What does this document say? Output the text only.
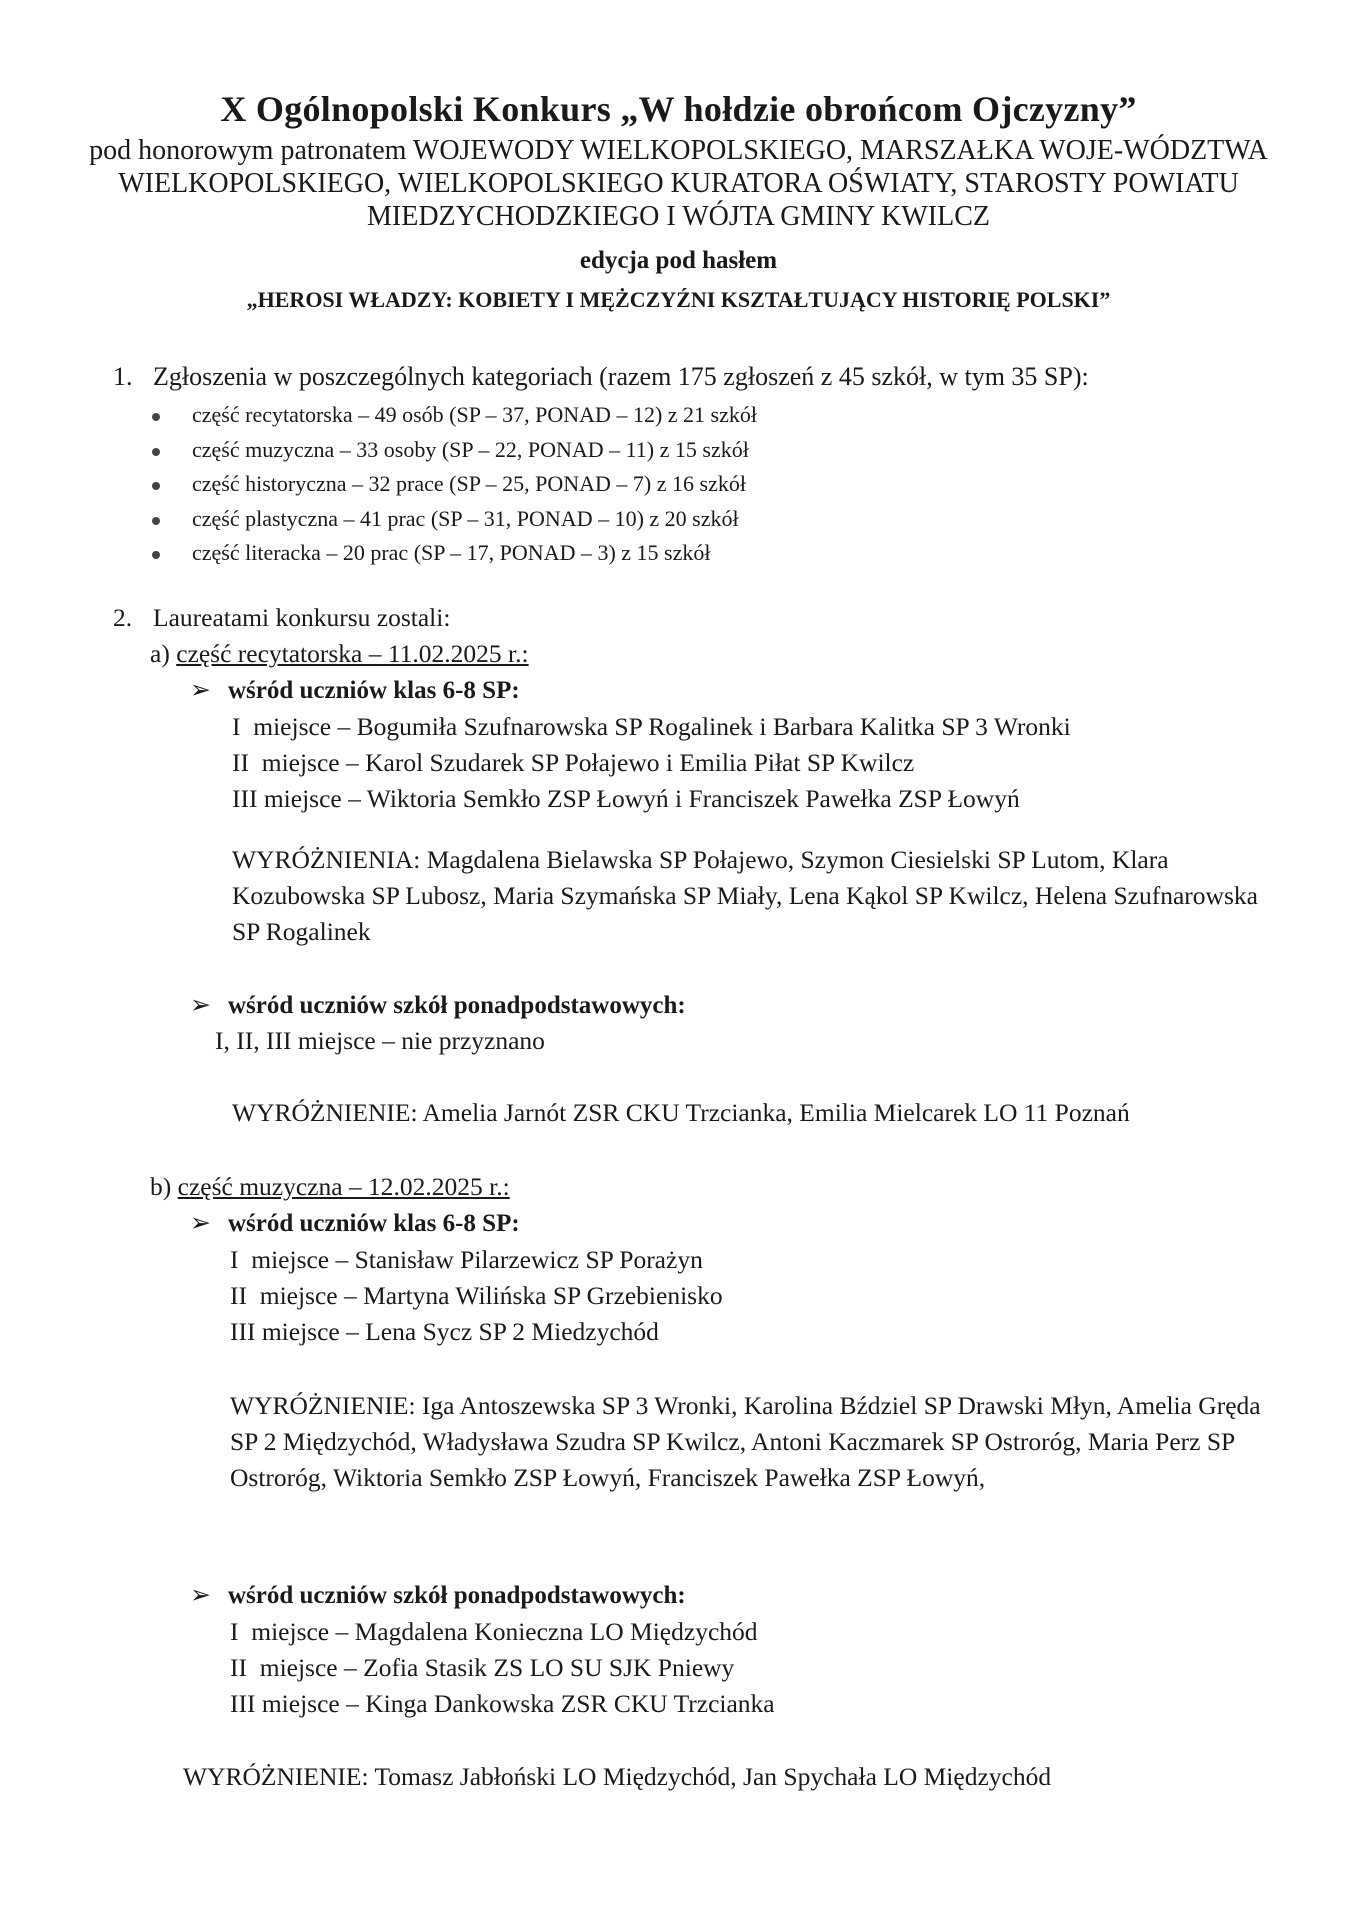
X Ogólnopolski Konkurs „W hołdzie obrońcom Ojczyzny”
pod honorowym patronatem WOJEWODY WIELKOPOLSKIEGO, MARSZAŁKA WOJE-WÓDZTWA WIELKOPOLSKIEGO, WIELKOPOLSKIEGO KURATORA OŚWIATY, STAROSTY POWIATU MIEDZYCHODZKIEGO I WÓJTA GMINY KWILCZ
edycja pod hasłem
„HEROSI WŁADZY: KOBIETY I MĘŻCZYŹNI KSZTAŁTUJĄCY HISTORIĘ POLSKI”
1. Zgłoszenia w poszczególnych kategoriach (razem 175 zgłoszeń z 45 szkół, w tym 35 SP):
część recytatorska – 49 osób (SP – 37, PONAD – 12) z 21 szkół
część muzyczna – 33 osoby (SP – 22, PONAD – 11) z 15 szkół
część historyczna – 32 prace (SP – 25, PONAD – 7) z 16 szkół
część plastyczna – 41 prac (SP – 31, PONAD – 10) z 20 szkół
część literacka – 20 prac (SP – 17, PONAD – 3) z 15 szkół
2. Laureatami konkursu zostali:
a) część recytatorska – 11.02.2025 r.:
➢ wśród uczniów klas 6-8 SP:
I  miejsce – Bogumiła Szufnarowska SP Rogalinek i Barbara Kalitka SP 3 Wronki
II  miejsce – Karol Szudarek SP Połajewo i Emilia Piłat SP Kwilcz
III miejsce – Wiktoria Semkło ZSP Łowyń i Franciszek Pawełka ZSP Łowyń
WYRÓŻNIENIA: Magdalena Bielawska SP Połajewo, Szymon Ciesielski SP Lutom, Klara Kozubowska SP Lubosz, Maria Szymańska SP Miały, Lena Kąkol SP Kwilcz, Helena Szufnarowska SP Rogalinek
➢ wśród uczniów szkół ponadpodstawowych:
I, II, III miejsce – nie przyznano
WYRÓŻNIENIE: Amelia Jarnót ZSR CKU Trzcianka, Emilia Mielcarek LO 11 Poznań
b) część muzyczna – 12.02.2025 r.:
➢ wśród uczniów klas 6-8 SP:
I  miejsce – Stanisław Pilarzewicz SP Porażyn
II  miejsce – Martyna Wilińska SP Grzebienisko
III miejsce – Lena Sycz SP 2 Miedzychód
WYRÓŻNIENIE: Iga Antoszewska SP 3 Wronki, Karolina Bździel SP Drawski Młyn, Amelia Gręda SP 2 Międzychód, Władysława Szudra SP Kwilcz, Antoni Kaczmarek SP Ostroróg, Maria Perz SP Ostroróg, Wiktoria Semkło ZSP Łowyń, Franciszek Pawełka ZSP Łowyń,
➢ wśród uczniów szkół ponadpodstawowych:
I  miejsce – Magdalena Konieczna LO Międzychód
II  miejsce – Zofia Stasik ZS LO SU SJK Pniewy
III miejsce – Kinga Dankowska ZSR CKU Trzcianka
WYRÓŻNIENIE: Tomasz Jabłoński LO Międzychód, Jan Spychała LO Międzychód
